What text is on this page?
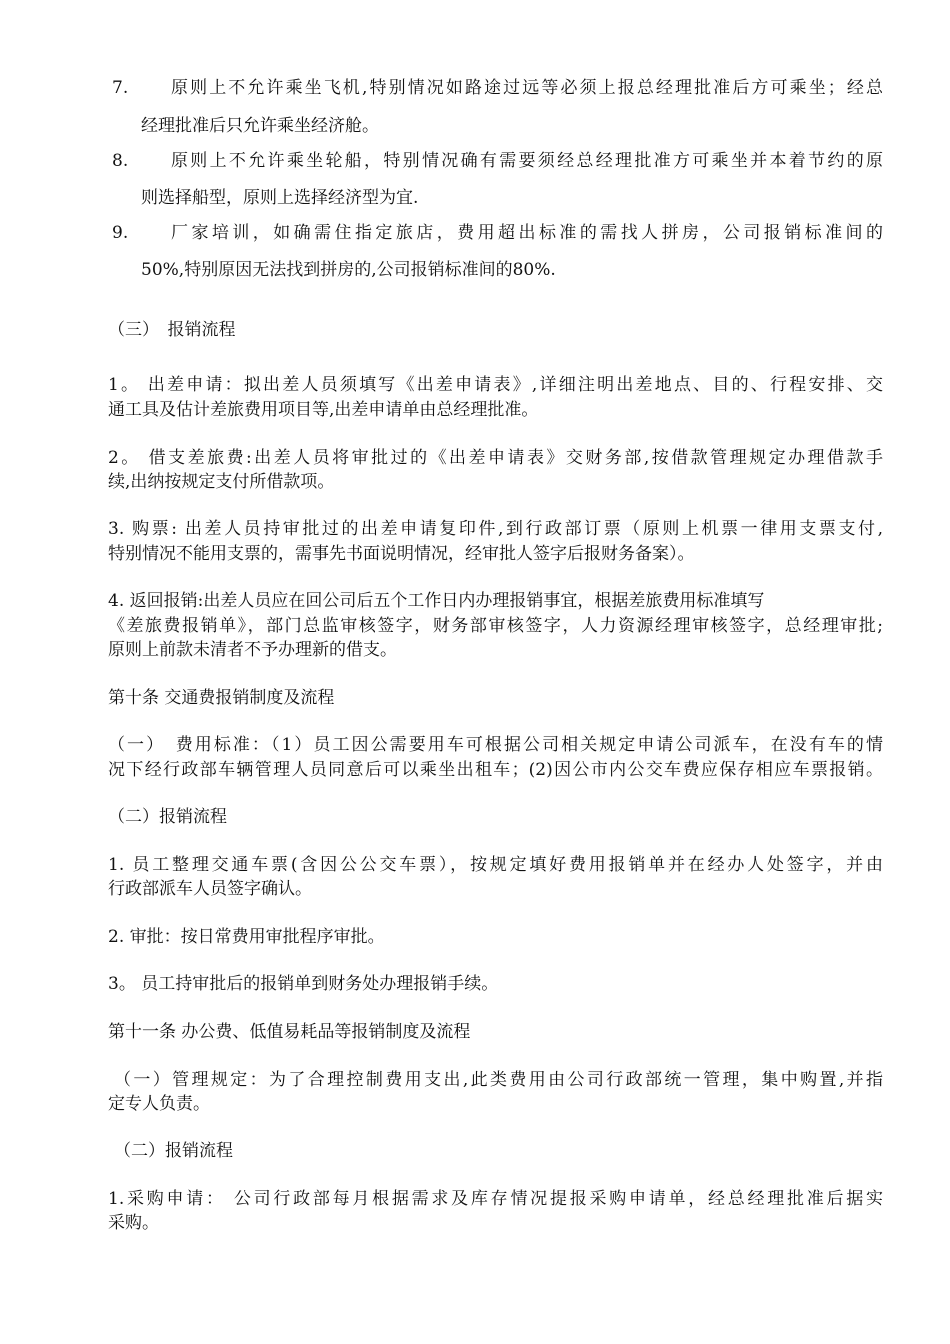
7.	原则上不允许乘坐飞机,特别情况如路途过远等必须上报总经理批准后方可乘坐；经总
经理批准后只允许乘坐经济舱。
8.	原则上不允许乘坐轮船，特别情况确有需要须经总经理批准方可乘坐并本着节约的原
则选择船型，原则上选择经济型为宜.
9.	厂家培训，如确需住指定旅店，费用超出标准的需找人拼房，公司报销标准间的
50%,特别原因无法找到拼房的,公司报销标准间的80%.
（三）　报销流程
1。 出差申请：拟出差人员须填写《出差申请表》,详细注明出差地点、目的、行程安排、交
通工具及估计差旅费用项目等,出差申请单由总经理批准。
2。 借支差旅费:出差人员将审批过的《出差申请表》交财务部,按借款管理规定办理借款手
续,出纳按规定支付所借款项。
3. 购票: 出差人员持审批过的出差申请复印件,到行政部订票（原则上机票一律用支票支付,
特别情况不能用支票的，需事先书面说明情况，经审批人签字后报财务备案）。
4. 返回报销:出差人员应在回公司后五个工作日内办理报销事宜，根据差旅费用标准填写
《差旅费报销单》，部门总监审核签字，财务部审核签字，人力资源经理审核签字，总经理审批;
原则上前款未清者不予办理新的借支。
第十条 交通费报销制度及流程
（一）　费用标准：（1）员工因公需要用车可根据公司相关规定申请公司派车，在没有车的情
况下经行政部车辆管理人员同意后可以乘坐出租车；(2)因公市内公交车费应保存相应车票报销。
（二）报销流程
1. 员工整理交通车票(含因公公交车票），按规定填好费用报销单并在经办人处签字，并由
行政部派车人员签字确认。
2. 审批：按日常费用审批程序审批。
3。 员工持审批后的报销单到财务处办理报销手续。
第十一条 办公费、低值易耗品等报销制度及流程
（一）管理规定：为了合理控制费用支出,此类费用由公司行政部统一管理，集中购置,并指
定专人负责。
（二）报销流程
1.采购申请： 公司行政部每月根据需求及库存情况提报采购申请单，经总经理批准后据实
采购。
